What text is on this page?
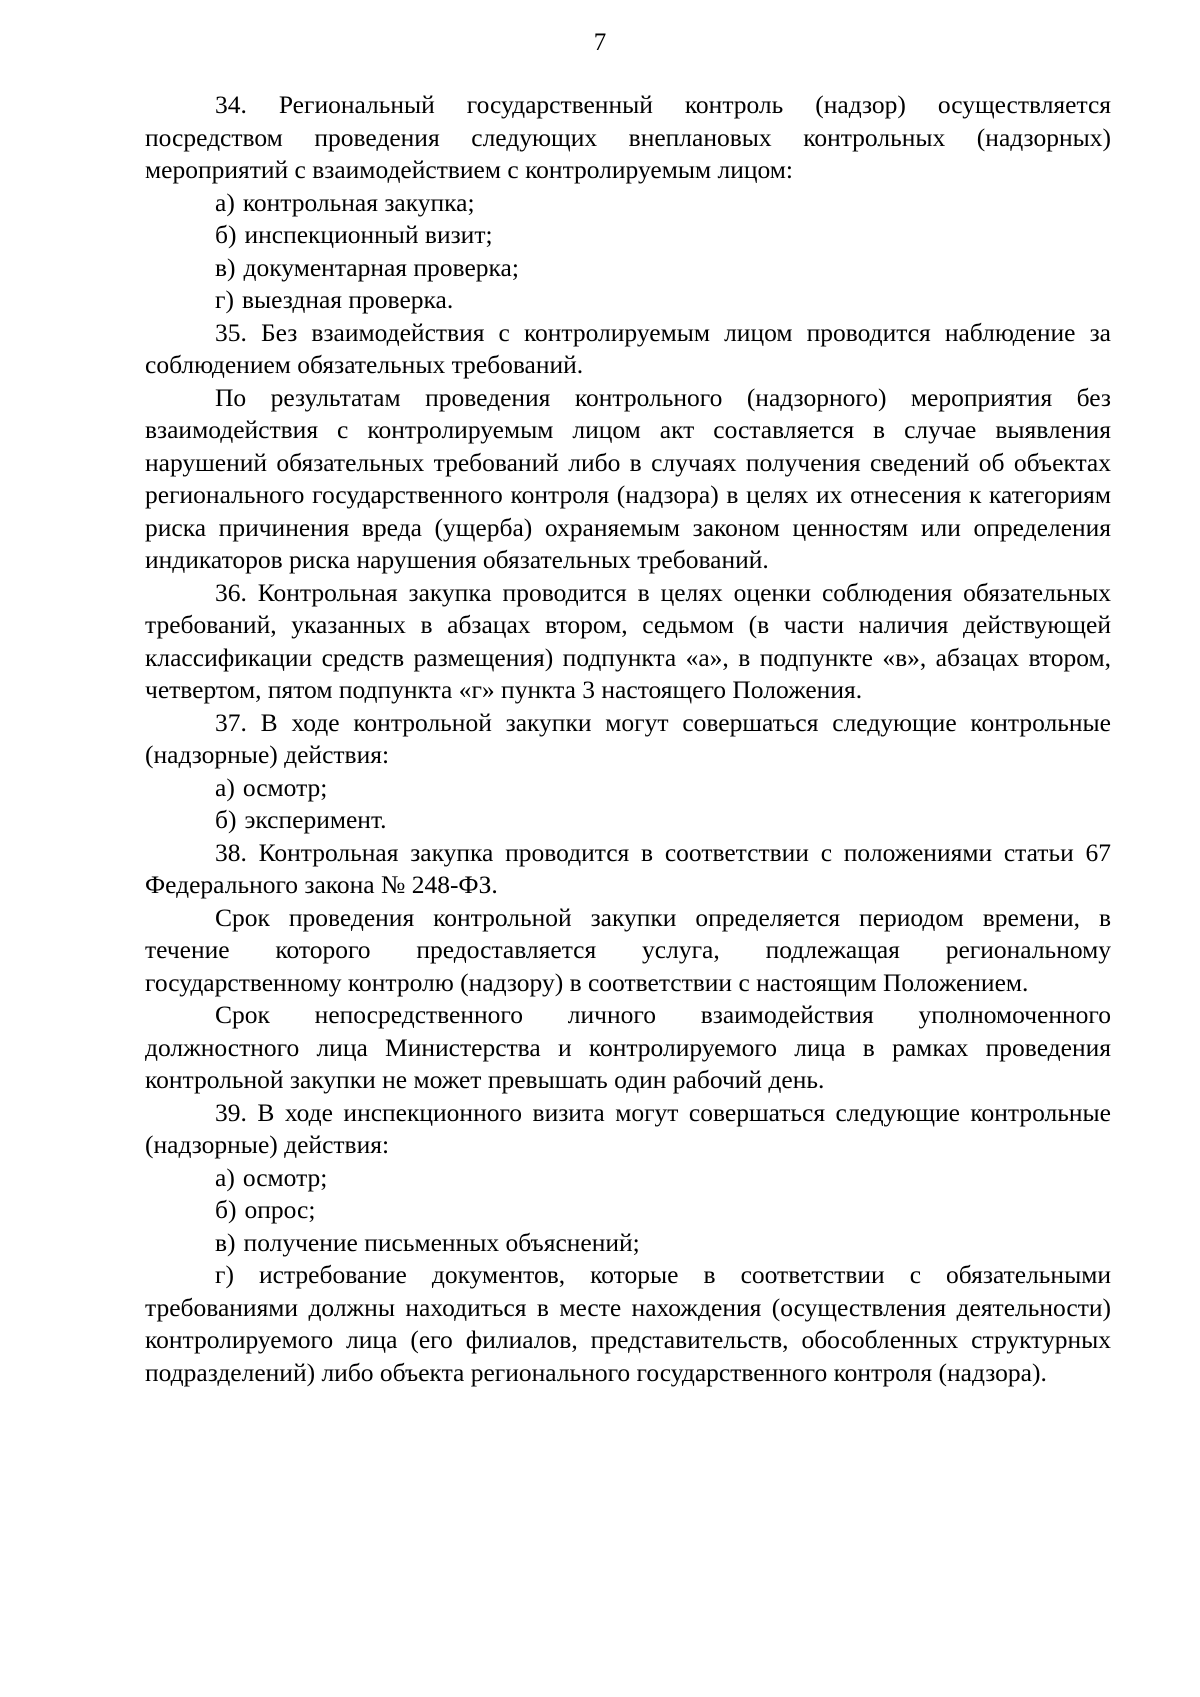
7

34. Региональный государственный контроль (надзор) осуществляется посредством проведения следующих внеплановых контрольных (надзорных) мероприятий с взаимодействием с контролируемым лицом:

а) контрольная закупка;

б) инспекционный визит;

в) документарная проверка;

г) выездная проверка.

35. Без взаимодействия с контролируемым лицом проводится наблюдение за соблюдением обязательных требований.

По результатам проведения контрольного (надзорного) мероприятия без взаимодействия с контролируемым лицом акт составляется в случае выявления нарушений обязательных требований либо в случаях получения сведений об объектах регионального государственного контроля (надзора) в целях их отнесения к категориям риска причинения вреда (ущерба) охраняемым законом ценностям или определения индикаторов риска нарушения обязательных требований.

36. Контрольная закупка проводится в целях оценки соблюдения обязательных требований, указанных в абзацах втором, седьмом (в части наличия действующей классификации средств размещения) подпункта «а», в подпункте «в», абзацах втором, четвертом, пятом подпункта «г» пункта 3 настоящего Положения.

37. В ходе контрольной закупки могут совершаться следующие контрольные (надзорные) действия:

а) осмотр;

б) эксперимент.

38. Контрольная закупка проводится в соответствии с положениями статьи 67 Федерального закона № 248-ФЗ.

Срок проведения контрольной закупки определяется периодом времени, в течение которого предоставляется услуга, подлежащая региональному государственному контролю (надзору) в соответствии с настоящим Положением.

Срок непосредственного личного взаимодействия уполномоченного должностного лица Министерства и контролируемого лица в рамках проведения контрольной закупки не может превышать один рабочий день.

39. В ходе инспекционного визита могут совершаться следующие контрольные (надзорные) действия:

а) осмотр;

б) опрос;

в) получение письменных объяснений;

г) истребование документов, которые в соответствии с обязательными требованиями должны находиться в месте нахождения (осуществления деятельности) контролируемого лица (его филиалов, представительств, обособленных структурных подразделений) либо объекта регионального государственного контроля (надзора).
